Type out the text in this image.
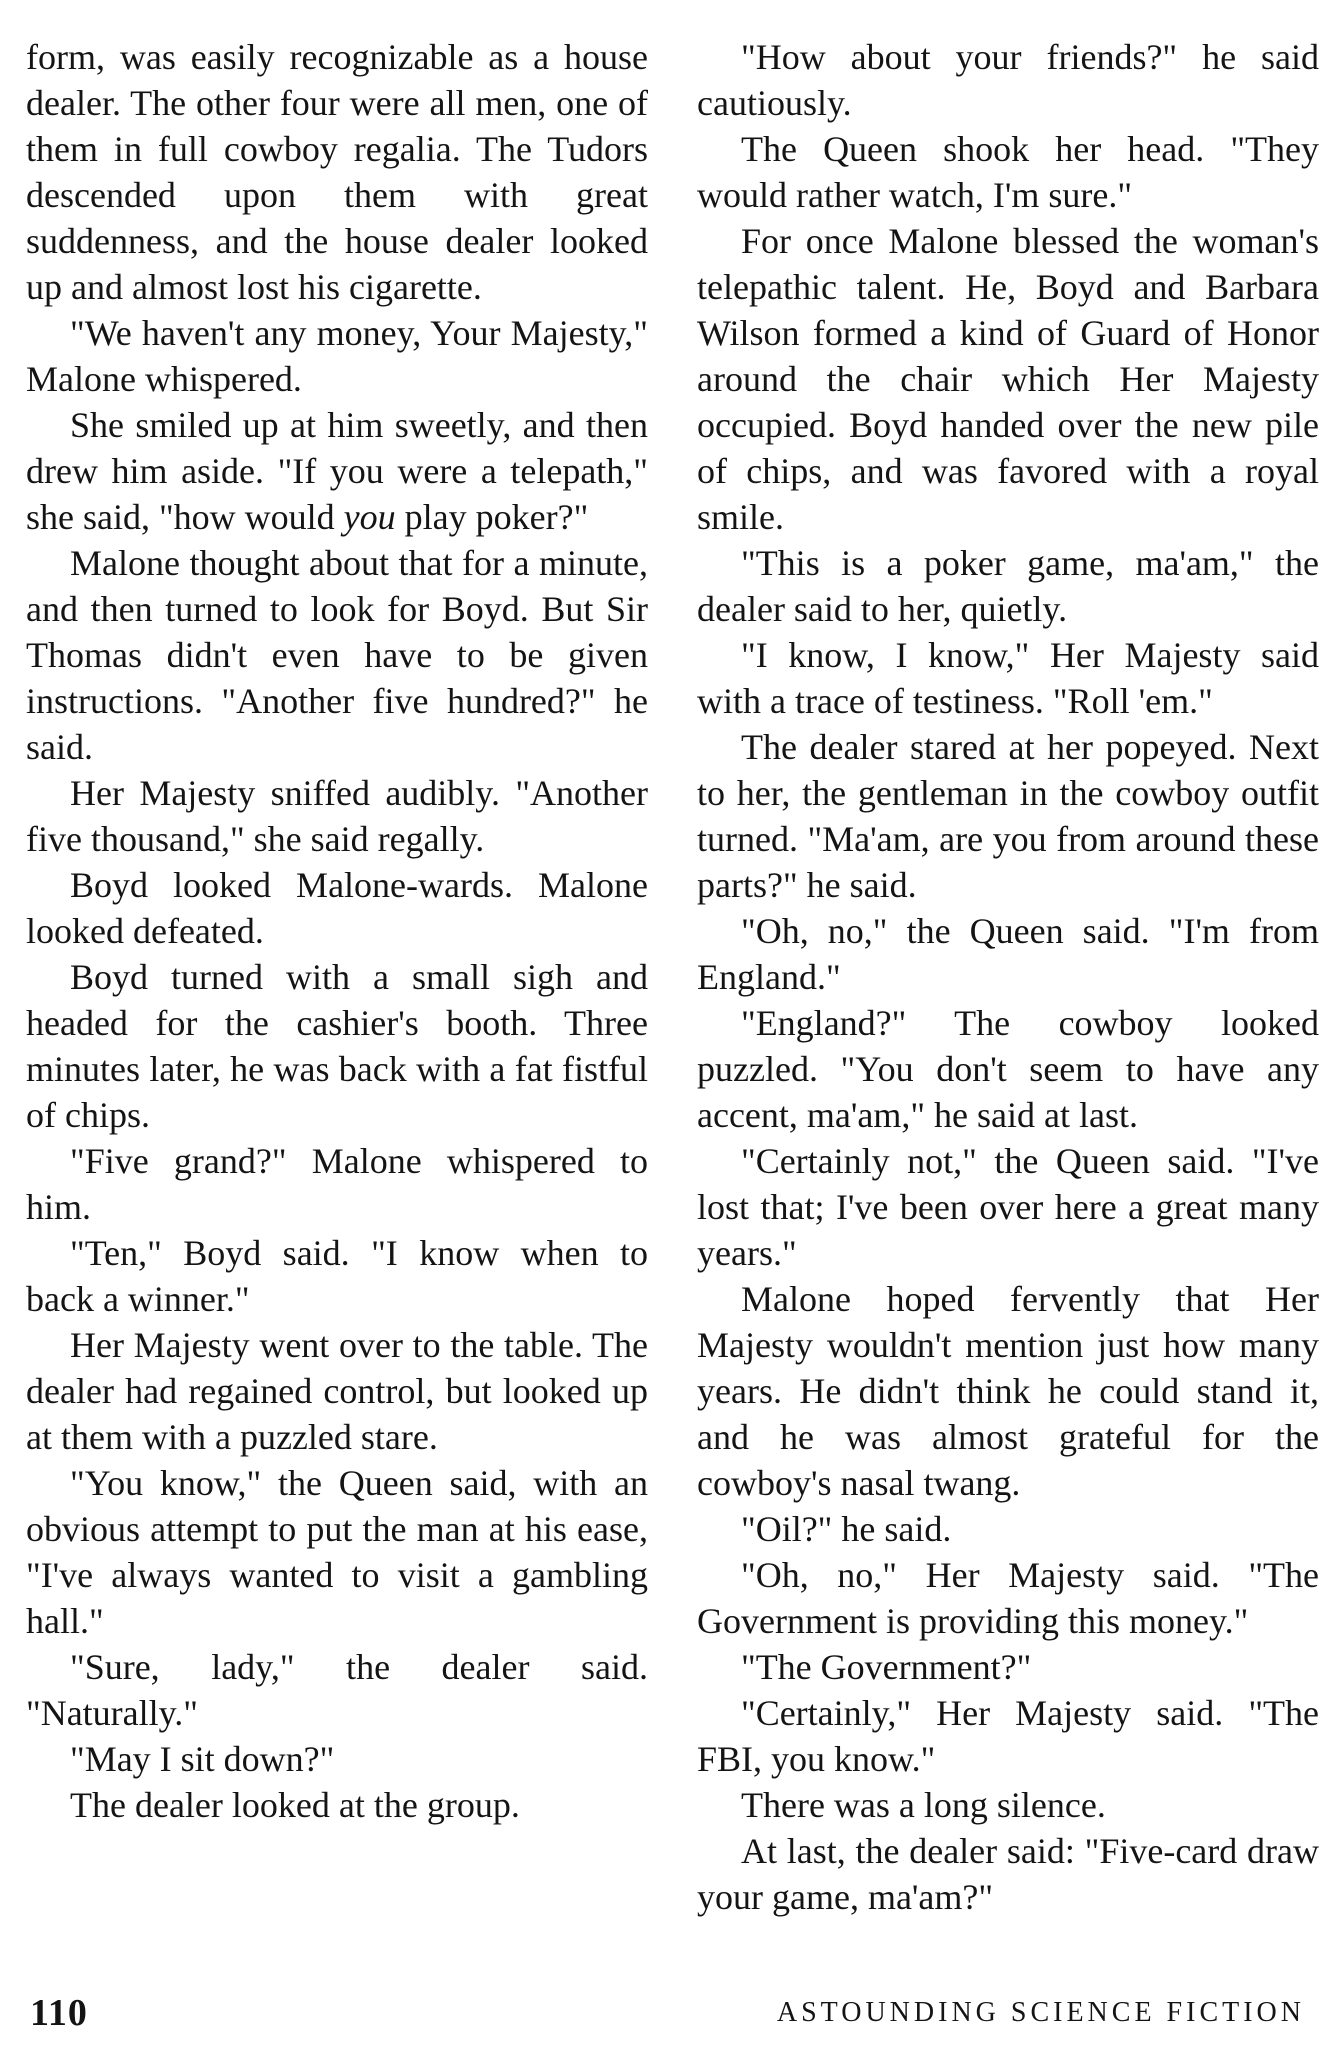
form, was easily recognizable as a house dealer. The other four were all men, one of them in full cowboy regalia. The Tudors descended upon them with great suddenness, and the house dealer looked up and almost lost his cigarette.

"We haven't any money, Your Majesty," Malone whispered.

She smiled up at him sweetly, and then drew him aside. "If you were a telepath," she said, "how would you play poker?"

Malone thought about that for a minute, and then turned to look for Boyd. But Sir Thomas didn't even have to be given instructions. "Another five hundred?" he said.

Her Majesty sniffed audibly. "Another five thousand," she said regally.

Boyd looked Malone-wards. Malone looked defeated.

Boyd turned with a small sigh and headed for the cashier's booth. Three minutes later, he was back with a fat fistful of chips.

"Five grand?" Malone whispered to him.

"Ten," Boyd said. "I know when to back a winner."

Her Majesty went over to the table. The dealer had regained control, but looked up at them with a puzzled stare.

"You know," the Queen said, with an obvious attempt to put the man at his ease, "I've always wanted to visit a gambling hall."

"Sure, lady," the dealer said. "Naturally."

"May I sit down?"

The dealer looked at the group.

"How about your friends?" he said cautiously.

The Queen shook her head. "They would rather watch, I'm sure."

For once Malone blessed the woman's telepathic talent. He, Boyd and Barbara Wilson formed a kind of Guard of Honor around the chair which Her Majesty occupied. Boyd handed over the new pile of chips, and was favored with a royal smile.

"This is a poker game, ma'am," the dealer said to her, quietly.

"I know, I know," Her Majesty said with a trace of testiness. "Roll 'em."

The dealer stared at her popeyed. Next to her, the gentleman in the cowboy outfit turned. "Ma'am, are you from around these parts?" he said.

"Oh, no," the Queen said. "I'm from England."

"England?" The cowboy looked puzzled. "You don't seem to have any accent, ma'am," he said at last.

"Certainly not," the Queen said. "I've lost that; I've been over here a great many years."

Malone hoped fervently that Her Majesty wouldn't mention just how many years. He didn't think he could stand it, and he was almost grateful for the cowboy's nasal twang.

"Oil?" he said.

"Oh, no," Her Majesty said. "The Government is providing this money."

"The Government?"

"Certainly," Her Majesty said. "The FBI, you know."

There was a long silence.

At last, the dealer said: "Five-card draw your game, ma'am?"

110	ASTOUNDING SCIENCE FICTION
